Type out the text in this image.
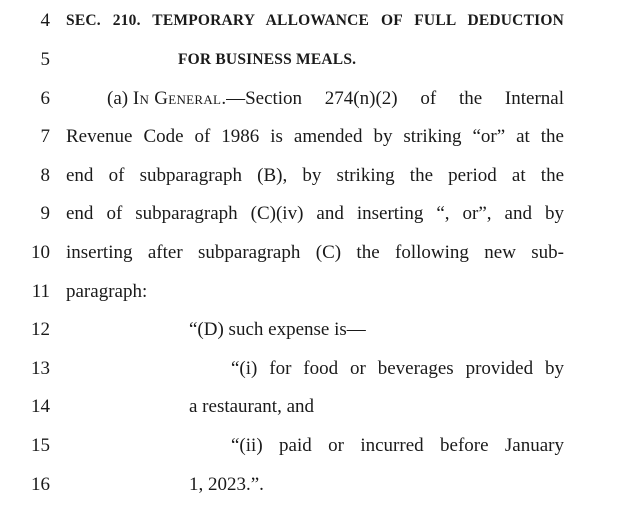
4 SEC. 210. TEMPORARY ALLOWANCE OF FULL DEDUCTION
5	FOR BUSINESS MEALS.
6	(a) In General .—Section 274(n)(2) of the Internal
7 Revenue Code of 1986 is amended by striking “or” at the
8 end of subparagraph (B), by striking the period at the
9 end of subparagraph (C)(iv) and inserting “, or”, and by
10 inserting after subparagraph (C) the following new sub-
11 paragraph:
12	“(D) such expense is—
13	“(i) for food or beverages provided by
14	a restaurant, and
15	“(ii) paid or incurred before January
16	1, 2023.”.
